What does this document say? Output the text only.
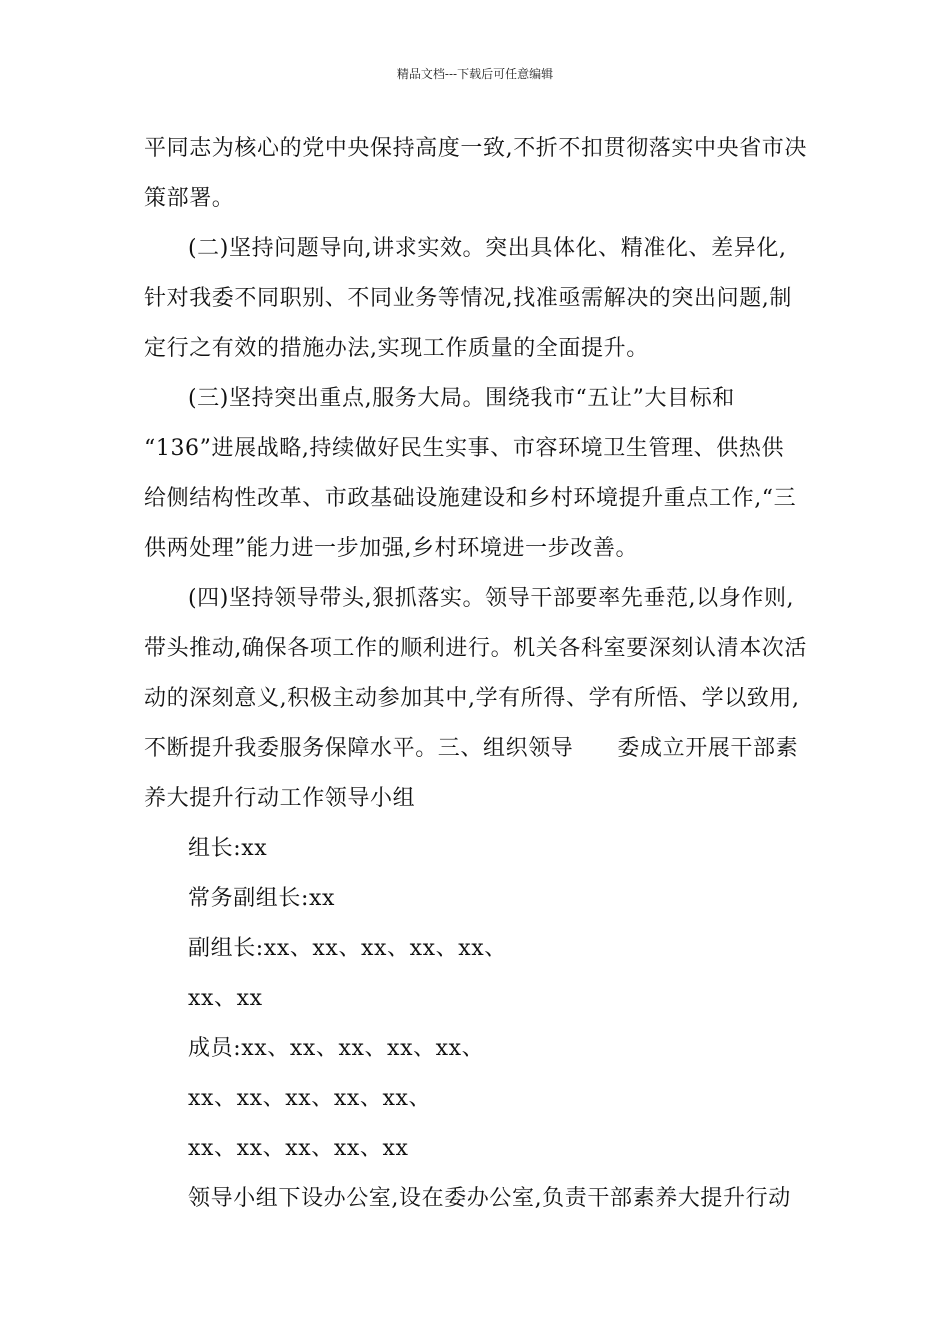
精品文档---下载后可任意编辑
平同志为核心的党中央保持高度一致,不折不扣贯彻落实中央省市决
策部署。
(二)坚持问题导向,讲求实效。突出具体化、精准化、差异化,
针对我委不同职别、不同业务等情况,找准亟需解决的突出问题,制
定行之有效的措施办法,实现工作质量的全面提升。
(三)坚持突出重点,服务大局。围绕我市“五让”大目标和
“136”进展战略,持续做好民生实事、市容环境卫生管理、供热供
给侧结构性改革、市政基础设施建设和乡村环境提升重点工作,“三
供两处理”能力进一步加强,乡村环境进一步改善。
(四)坚持领导带头,狠抓落实。领导干部要率先垂范,以身作则,
带头推动,确保各项工作的顺利进行。机关各科室要深刻认清本次活
动的深刻意义,积极主动参加其中,学有所得、学有所悟、学以致用,
不断提升我委服务保障水平。三、组织领导 委成立开展干部素
养大提升行动工作领导小组
组长:xx
常务副组长:xx
副组长:xx、xx、xx、xx、xx、
xx、xx
成员:xx、xx、xx、xx、xx、
xx、xx、xx、xx、xx、
xx、xx、xx、xx、xx
领导小组下设办公室,设在委办公室,负责干部素养大提升行动
